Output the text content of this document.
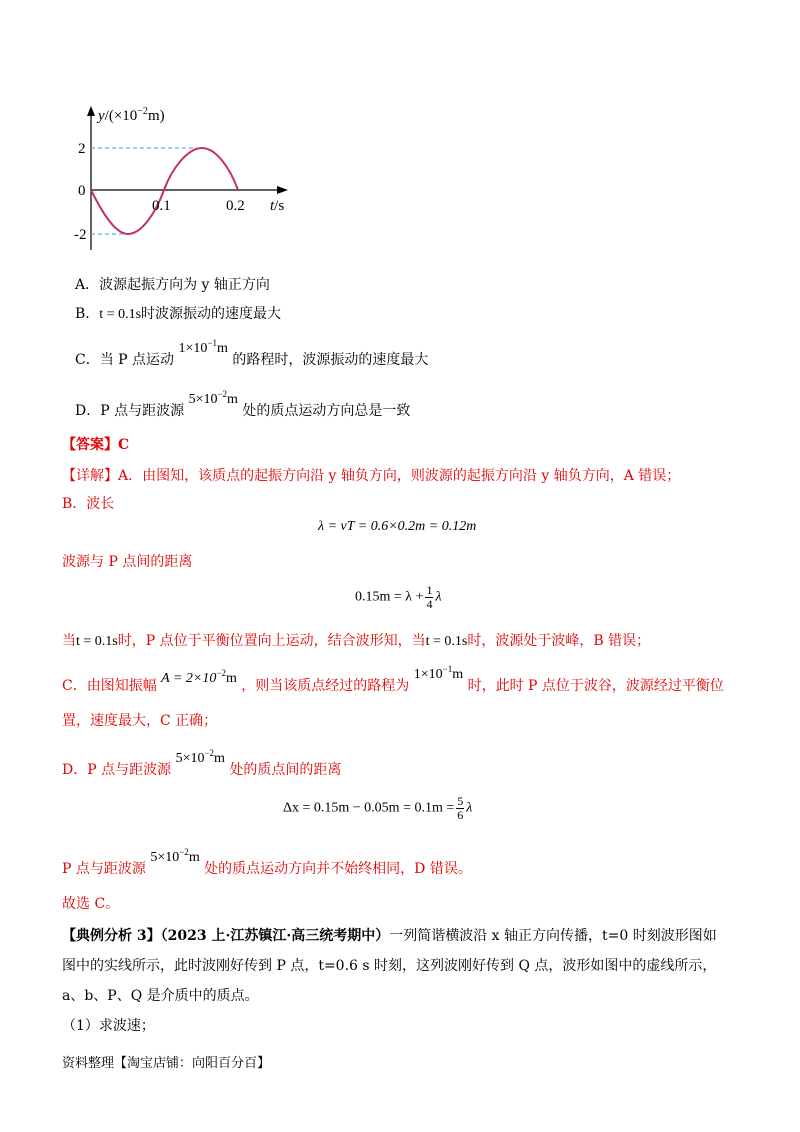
$y/(\times 10^{-2}m)$
2
0
-2
0.1	0.2 t/s
A．波源起振方向为 y 轴正方向
B．t = 0.1s时波源振动的速度最大
C．当 P 点运动 $1\times 10^{-1}m$ 的路程时，波源振动的速度最大
D．P 点与距波源 $5\times 10^{-2}m$ 处的质点运动方向总是一致
【答案】C
【详解】A．由图知，该质点的起振方向沿 y 轴负方向，则波源的起振方向沿 y 轴负方向，A 错误；
B．波长
λ = vT = 0.6×0.2m = 0.12m
波源与 P 点间的距离
$0.15m = \lambda + \frac{1}{4}$ λ
当t = 0.1s时，P 点位于平衡位置向上运动，结合波形知，当t = 0.1s时，波源处于波峰，B 错误；
C．由图知振幅 $A = 2\times 10^{-2}m$ ，则当该质点经过的路程为 $1\times 10^{-1}m$ 时，此时 P 点位于波谷，波源经过平衡位
置，速度最大，C 正确；
D．P 点与距波源 $5\times 10^{-2}m$ 处的质点间的距离
$\Delta x = 0.15m - 0.05m = 0.1m = \frac{5}{6}$ λ
P 点与距波源 $5\times 10^{-2}m$ 处的质点运动方向并不始终相同，D 错误。
故选 C。
【典例分析 3】（2023 上·江苏镇江·高三统考期中）一列简谐横波沿 x 轴正方向传播，t=0 时刻波形图如
图中的实线所示，此时波刚好传到 P 点，t=0.6 s 时刻，这列波刚好传到 Q 点，波形如图中的虚线所示，
a、b、P、Q 是介质中的质点。
（1）求波速；
资料整理【淘宝店铺：向阳百分百】
